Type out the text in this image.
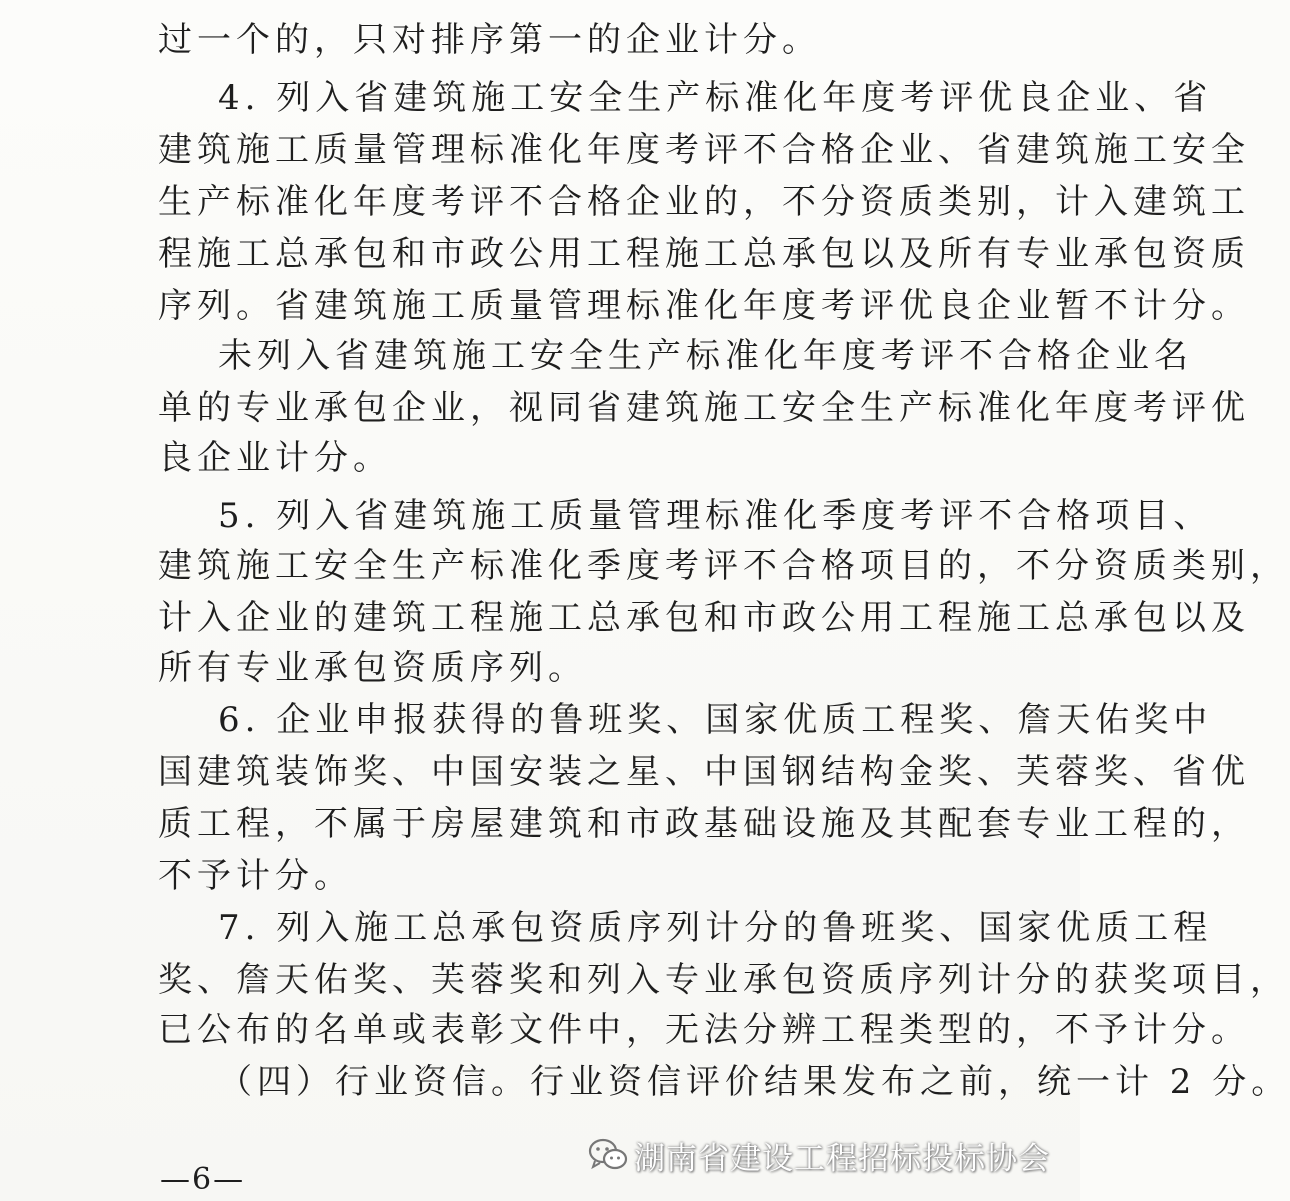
过一个的，只对排序第一的企业计分。
4. 列入省建筑施工安全生产标准化年度考评优良企业、省
建筑施工质量管理标准化年度考评不合格企业、省建筑施工安全
生产标准化年度考评不合格企业的，不分资质类别，计入建筑工
程施工总承包和市政公用工程施工总承包以及所有专业承包资质
序列。省建筑施工质量管理标准化年度考评优良企业暂不计分。
未列入省建筑施工安全生产标准化年度考评不合格企业名
单的专业承包企业，视同省建筑施工安全生产标准化年度考评优
良企业计分。
5. 列入省建筑施工质量管理标准化季度考评不合格项目、
建筑施工安全生产标准化季度考评不合格项目的，不分资质类别，
计入企业的建筑工程施工总承包和市政公用工程施工总承包以及
所有专业承包资质序列。
6. 企业申报获得的鲁班奖、国家优质工程奖、詹天佑奖中
国建筑装饰奖、中国安装之星、中国钢结构金奖、芙蓉奖、省优
质工程，不属于房屋建筑和市政基础设施及其配套专业工程的，
不予计分。
7. 列入施工总承包资质序列计分的鲁班奖、国家优质工程
奖、詹天佑奖、芙蓉奖和列入专业承包资质序列计分的获奖项目，
已公布的名单或表彰文件中，无法分辨工程类型的，不予计分。
（四）行业资信。行业资信评价结果发布之前，统一计 2 分。
—6—
湖南省建设工程招标投标协会
